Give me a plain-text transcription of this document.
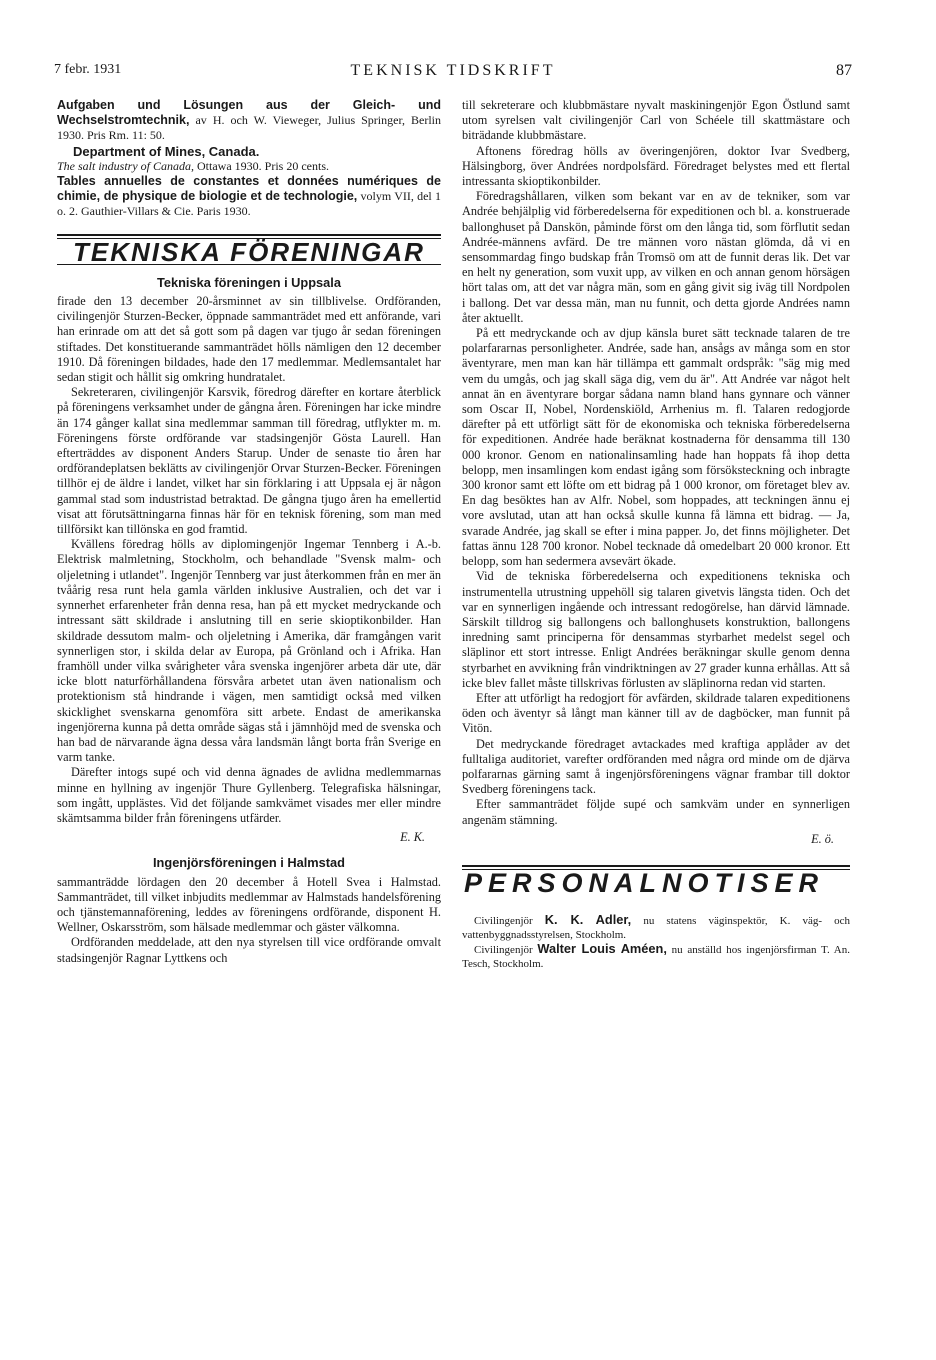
7 febr. 1931	TEKNISK TIDSKRIFT	87

Aufgaben und Lösungen aus der Gleich- und Wechselstromtechnik, av H. och W. Vieweger, Julius Springer, Berlin 1930. Pris Rm. 11: 50.

Department of Mines, Canada.

The salt industry of Canada, Ottawa 1930. Pris 20 cents.

Tables annuelles de constantes et données numériques de chimie, de physique de biologie et de technologie, volym VII, del 1 o. 2. Gauthier-Villars & Cie. Paris 1930.

TEKNISKA FÖRENINGAR
Tekniska föreningen i Uppsala

firade den 13 december 20-årsminnet av sin tillblivelse. Ordföranden, civilingenjör Sturzen-Becker, öppnade sammanträdet med ett anförande, vari han erinrade om att det så gott som på dagen var tjugo år sedan föreningen stiftades. Det konstituerande sammanträdet hölls nämligen den 12 december 1910. Då föreningen bildades, hade den 17 medlemmar. Medlemsantalet har sedan stigit och hållit sig omkring hundratalet.

Sekreteraren, civilingenjör Karsvik, föredrog därefter en kortare återblick på föreningens verksamhet under de gångna åren. Föreningen har icke mindre än 174 gånger kallat sina medlemmar samman till föredrag, utflykter m. m. Föreningens förste ordförande var stadsingenjör Gösta Laurell. Han efterträddes av disponent Anders Starup. Under de senaste tio åren har ordförandeplatsen beklätts av civilingenjör Orvar Sturzen-Becker. Föreningen tillhör ej de äldre i landet, vilket har sin förklaring i att Uppsala ej är någon gammal stad som industristad betraktad. De gångna tjugo åren ha emellertid visat att förutsättningarna finnas här för en teknisk förening, som man med tillförsikt kan tillönska en god framtid.

Kvällens föredrag hölls av diplomingenjör Ingemar Tennberg i A.-b. Elektrisk malmletning, Stockholm, och behandlade "Svensk malm- och oljeletning i utlandet". Ingenjör Tennberg var just återkommen från en mer än tvåårig resa runt hela gamla världen inklusive Australien, och det var i synnerhet erfarenheter från denna resa, han på ett mycket medryckande och intressant sätt skildrade i anslutning till en serie skioptikonbilder. Han skildrade dessutom malm- och oljeletning i Amerika, där framgången varit synnerligen stor, i skilda delar av Europa, på Grönland och i Afrika. Han framhöll under vilka svårigheter våra svenska ingenjörer arbeta där ute, där icke blott naturförhållandena försvåra arbetet utan även nationalism och protektionism stå hindrande i vägen, men samtidigt också med vilken skicklighet svenskarna genomföra sitt arbete. Endast de amerikanska ingenjörerna kunna på detta område sägas stå i jämnhöjd med de svenska och han bad de närvarande ägna dessa våra landsmän långt borta från Sverige en varm tanke.

Därefter intogs supé och vid denna ägnades de avlidna medlemmarnas minne en hyllning av ingenjör Thure Gyllenberg. Telegrafiska hälsningar, som ingått, upplästes. Vid det följande samkvämet visades mer eller mindre skämtsamma bilder från föreningens utfärder.

E. K.
Ingenjörsföreningen i Halmstad

sammanträdde lördagen den 20 december å Hotell Svea i Halmstad. Sammanträdet, till vilket inbjudits medlemmar av Halmstads handelsförening och tjänstemannaförening, leddes av föreningens ordförande, disponent H. Wellner, Oskarsström, som hälsade medlemmar och gäster välkomna.

Ordföranden meddelade, att den nya styrelsen till vice ordförande omvalt stadsingenjör Ragnar Lyttkens och

till sekreterare och klubbmästare nyvalt maskiningenjör Egon Östlund samt utom syrelsen valt civilingenjör Carl von Schéele till skattmästare och biträdande klubbmästare.

Aftonens föredrag hölls av överingenjören, doktor Ivar Svedberg, Hälsingborg, över Andrées nordpolsfärd. Föredraget belystes med ett flertal intressanta skioptikonbilder.

Föredragshållaren, vilken som bekant var en av de tekniker, som var Andrée behjälplig vid förberedelserna för expeditionen och bl. a. konstruerade ballonghuset på Danskön, påminde först om den långa tid, som förflutit sedan Andrée-männens avfärd. De tre männen voro nästan glömda, då vi en sensommardag fingo budskap från Tromsö om att de funnit deras lik. Det var en helt ny generation, som vuxit upp, av vilken en och annan genom hörsägen hört talas om, att det var några män, som en gång givit sig iväg till Nordpolen i ballong. Det var dessa män, man nu funnit, och detta gjorde Andrées namn åter aktuellt.

På ett medryckande och av djup känsla buret sätt tecknade talaren de tre polarfararnas personligheter. Andrée, sade han, ansågs av många som en stor äventyrare, men man kan här tillämpa ett gammalt ordspråk: "säg mig med vem du umgås, och jag skall säga dig, vem du är". Att Andrée var något helt annat än en äventyrare borgar sådana namn bland hans gynnare och vänner som Oscar II, Nobel, Nordenskiöld, Arrhenius m. fl. Talaren redogjorde därefter på ett utförligt sätt för de ekonomiska och tekniska förberedelserna för expeditionen. Andrée hade beräknat kostnaderna för densamma till 130 000 kronor. Genom en nationalinsamling hade han hoppats få ihop detta belopp, men insamlingen kom endast igång som försöksteckning och inbragte 300 kronor samt ett löfte om ett bidrag på 1 000 kronor, om företaget blev av. En dag besöktes han av Alfr. Nobel, som hoppades, att teckningen ännu ej vore avslutad, utan att han också skulle kunna få lämna ett bidrag. — Ja, svarade Andrée, jag skall se efter i mina papper. Jo, det finns möjligheter. Det fattas ännu 128 700 kronor. Nobel tecknade då omedelbart 20 000 kronor. Ett belopp, som han sedermera avsevärt ökade.

Vid de tekniska förberedelserna och expeditionens tekniska och instrumentella utrustning uppehöll sig talaren givetvis längsta tiden. Och det var en synnerligen ingående och intressant redogörelse, han därvid lämnade. Särskilt tilldrog sig ballongens och ballonghusets konstruktion, ballongens inredning samt principerna för densammas styrbarhet medelst segel och släplinor ett stort intresse. Enligt Andrées beräkningar skulle genom denna styrbarhet en avvikning från vindriktningen av 27 grader kunna erhållas. Att så icke blev fallet måste tillskrivas förlusten av släplinorna redan vid starten.

Efter att utförligt ha redogjort för avfärden, skildrade talaren expeditionens öden och äventyr så långt man känner till av de dagböcker, man funnit på Vitön.

Det medryckande föredraget avtackades med kraftiga applåder av det fulltaliga auditoriet, varefter ordföranden med några ord minde om de djärva polfararnas gärning samt å ingenjörsföreningens vägnar frambar till doktor Svedberg föreningens tack.

Efter sammanträdet följde supé och samkväm under en synnerligen angenäm stämning.

E. ö.
PERSONALNOTISER

Civilingenjör K. K. Adler, nu statens väginspektör, K. väg- och vattenbyggnadsstyrelsen, Stockholm.

Civilingenjör Walter Louis Améen, nu anställd hos ingenjörsfirman T. An. Tesch, Stockholm.
